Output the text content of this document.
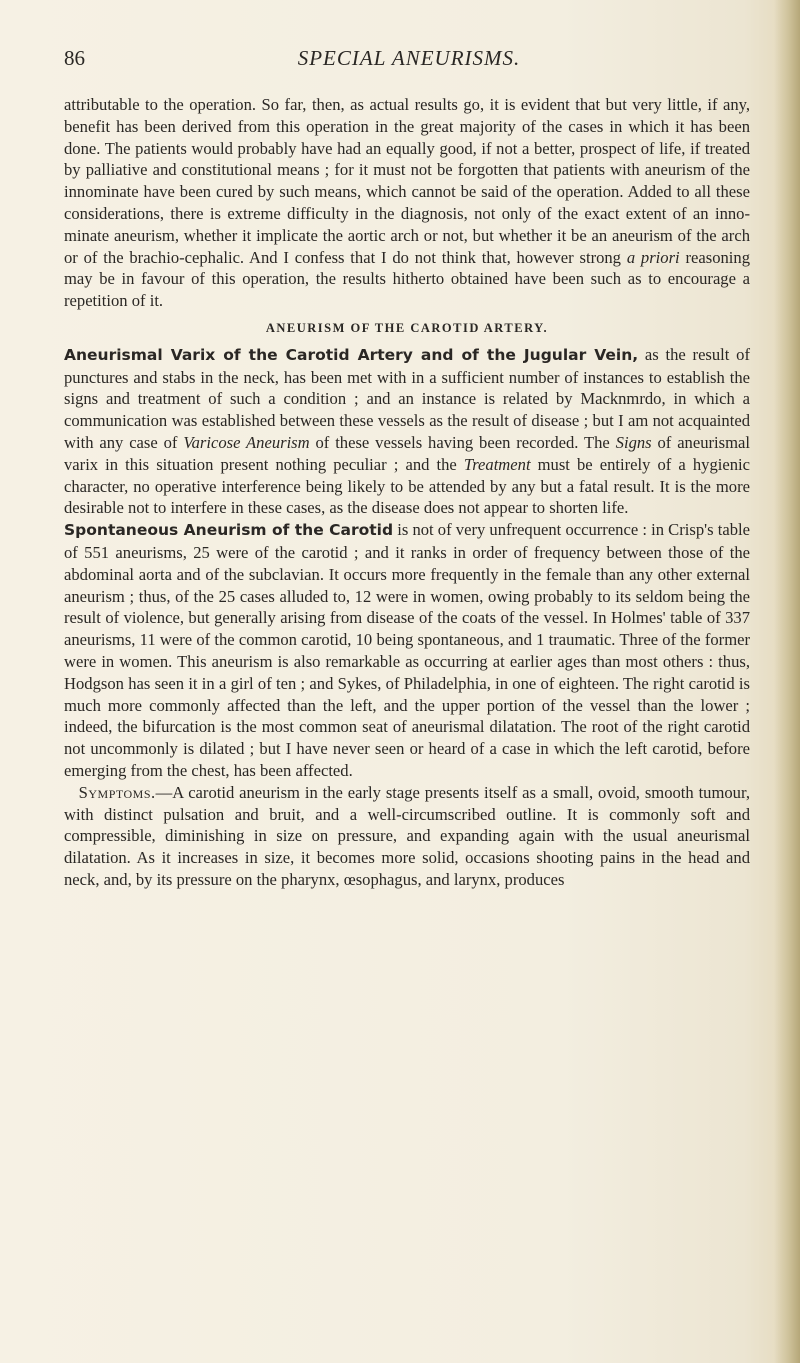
86	SPECIAL ANEURISMS.

attributable to the operation. So far, then, as actual results go, it is evident that but very little, if any, benefit has been derived from this operation in the great majority of the cases in which it has been done. The patients would probably have had an equally good, if not a better, prospect of life, if treated by palliative and constitutional means ; for it must not be forgotten that patients with aneurism of the innominate have been cured by such means, which cannot be said of the operation. Added to all these considerations, there is extreme difficulty in the diagnosis, not only of the exact extent of an innominate aneurism, whether it implicate the aortic arch or not, but whether it be an aneurism of the arch or of the brachio-cephalic. And I confess that I do not think that, however strong a priori reasoning may be in favour of this operation, the results hitherto obtained have been such as to encourage a repetition of it.

ANEURISM OF THE CAROTID ARTERY.

Aneurismal Varix of the Carotid Artery and of the Jugular Vein, as the result of punctures and stabs in the neck, has been met with in a sufficient number of instances to establish the signs and treatment of such a condition ; and an instance is related by Macknmrdo, in which a communication was established between these vessels as the result of disease ; but I am not acquainted with any case of Varicose Aneurism of these vessels having been recorded. The Signs of aneurismal varix in this situation present nothing peculiar ; and the Treatment must be entirely of a hygienic character, no operative interference being likely to be attended by any but a fatal result. It is the more desirable not to interfere in these cases, as the disease does not appear to shorten life.

Spontaneous Aneurism of the Carotid is not of very unfrequent occurrence : in Crisp's table of 551 aneurisms, 25 were of the carotid ; and it ranks in order of frequency between those of the abdominal aorta and of the subclavian. It occurs more frequently in the female than any other external aneurism ; thus, of the 25 cases alluded to, 12 were in women, owing probably to its seldom being the result of violence, but generally arising from disease of the coats of the vessel. In Holmes' table of 337 aneurisms, 11 were of the common carotid, 10 being spontaneous, and 1 traumatic. Three of the former were in women. This aneurism is also remarkable as occurring at earlier ages than most others : thus, Hodgson has seen it in a girl of ten ; and Sykes, of Philadelphia, in one of eighteen. The right carotid is much more commonly affected than the left, and the upper portion of the vessel than the lower ; indeed, the bifurcation is the most common seat of aneurismal dilatation. The root of the right carotid not uncommonly is dilated ; but I have never seen or heard of a case in which the left carotid, before emerging from the chest, has been affected.

Symptoms.—A carotid aneurism in the early stage presents itself as a small, ovoid, smooth tumour, with distinct pulsation and bruit, and a well-circumscribed outline. It is commonly soft and compressible, diminishing in size on pressure, and expanding again with the usual aneurismal dilatation. As it increases in size, it becomes more solid, occasions shooting pains in the head and neck, and, by its pressure on the pharynx, œsophagus, and larynx, produces
